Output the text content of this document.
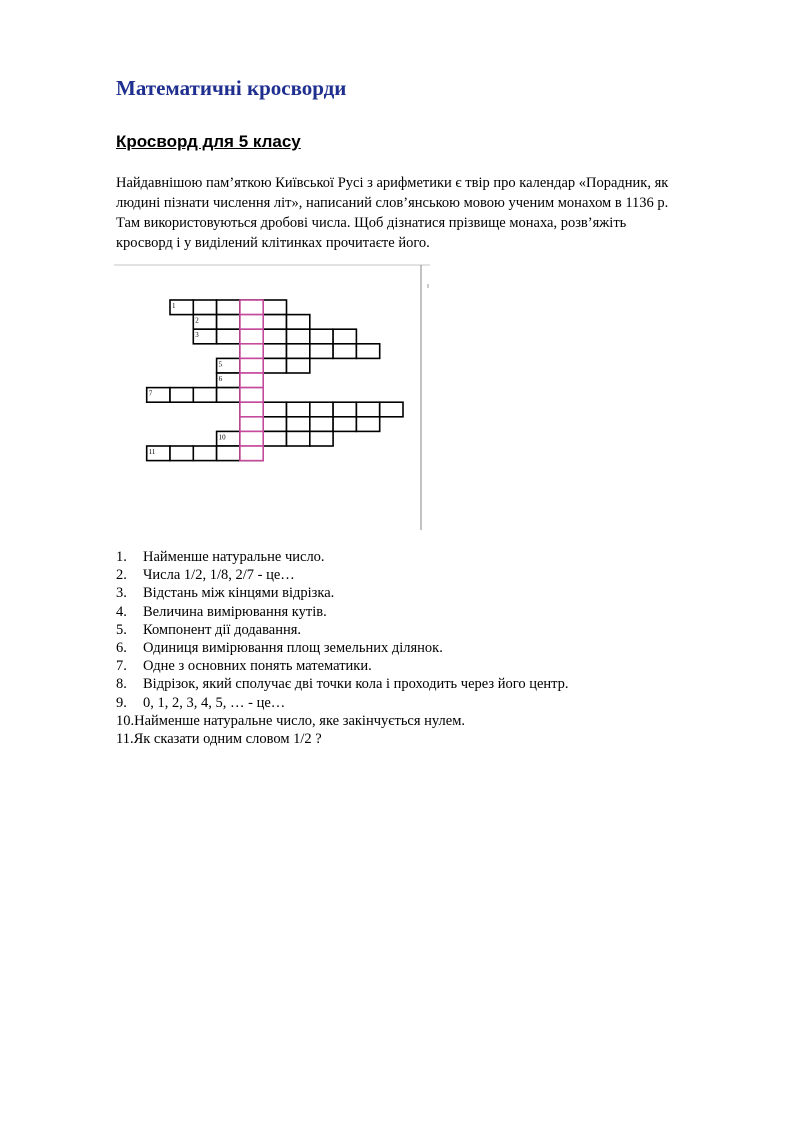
Математичні кросворди
Кросворд для 5 класу

Найдавнішою пам’яткою Київської Русі з арифметики є твір про календар «Порадник, як
людині пізнати числення літ», написаний слов’янською мовою ученим монахом в 1136 р.
Там використовуються дробові числа. Щоб дізнатися прізвище монаха, розв’яжіть
кросворд і у виділений клітинках прочитаєте його.

1
2
3
5
6
7
10
11
1. Найменше натуральне число.
2. Числа 1/2, 1/8, 2/7 - це…
3. Відстань між кінцями відрізка.
4. Величина вимірювання кутів.
5. Компонент дії додавання.
6. Одиниця вимірювання площ земельних ділянок.
7. Одне з основних понять математики.
8. Відрізок, який сполучає дві точки кола і проходить через його центр.
9. 0, 1, 2, 3, 4, 5, … - це…
10.Найменше натуральне число, яке закінчується нулем.
11.Як сказати одним словом 1/2 ?
